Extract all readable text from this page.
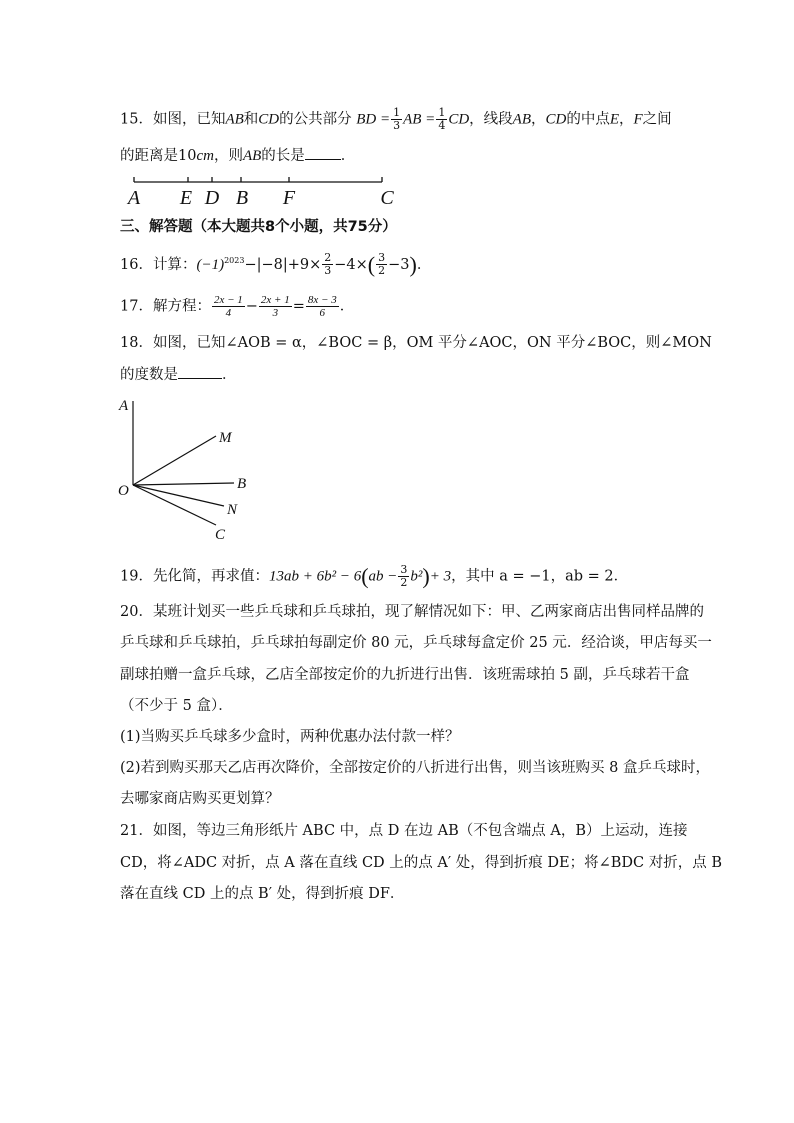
15．如图，已知AB和CD的公共部分 BD = $\frac{1}{3}$ AB = $\frac{1}{4}$ CD，线段AB，CD的中点E，F之间
的距离是10cm，则AB的长是 ．
A E D B F	C
三、解答题（本大题共8个小题，共75分）
16．计算：$(-1)^{2023}-|-8|+9\times \frac{2}{3} -4\times( \frac{3}{2} -3)$．
17．解方程： $\frac{2x - 1}{4} - \frac{2x + 1}{3} = \frac{8x - 3}{6}$ ．
18．如图，已知∠AOB = α，∠BOC = β，OM 平分∠AOC，ON 平分∠BOC，则∠MON
的度数是	．
A
M
O	B
N
C
19．先化简，再求值：$13ab + 6b^2 - 6(ab - \frac{3}{2} b^2)+ 3$，其中 a = −1，ab = 2．
20．某班计划买一些乒乓球和乒乓球拍，现了解情况如下：甲、乙两家商店出售同样品牌的
乒乓球和乒乓球拍，乒乓球拍每副定价 80 元，乒乓球每盒定价 25 元．经洽谈，甲店每买一
副球拍赠一盒乒乓球，乙店全部按定价的九折进行出售．该班需球拍 5 副，乒乓球若干盒
（不少于 5 盒）．
(1)当购买乒乓球多少盒时，两种优惠办法付款一样？
(2)若到购买那天乙店再次降价，全部按定价的八折进行出售，则当该班购买 8 盒乒乓球时，
去哪家商店购买更划算？
21．如图，等边三角形纸片 ABC 中，点 D 在边 AB（不包含端点 A，B）上运动，连接
CD，将∠ADC 对折，点 A 落在直线 CD 上的点 A′ 处，得到折痕 DE；将∠BDC 对折，点 B
落在直线 CD 上的点 B′ 处，得到折痕 DF．
